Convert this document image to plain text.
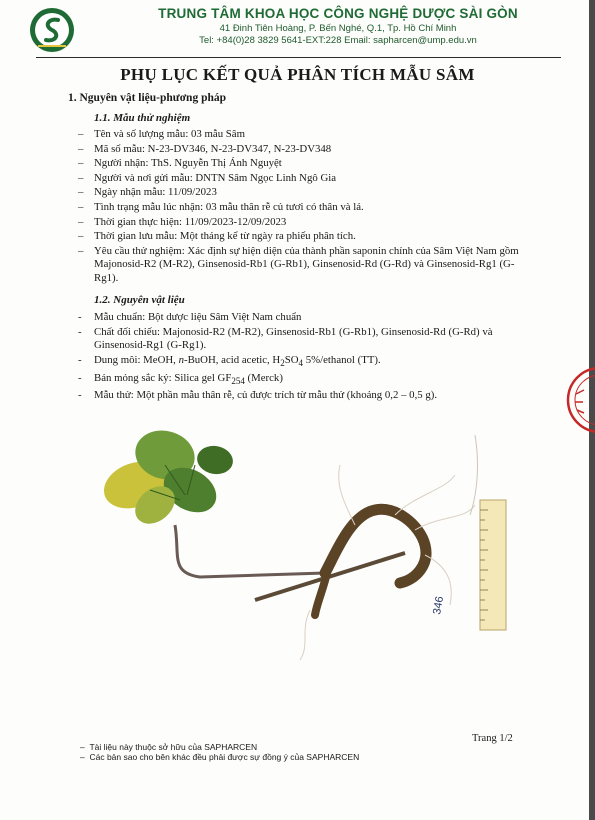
TRUNG TÂM KHOA HỌC CÔNG NGHỆ DƯỢC SÀI GÒN
41 Đinh Tiên Hoàng, P. Bến Nghé, Q.1, Tp. Hồ Chí Minh
Tel: +84(0)28 3829 5641-EXT:228 Email: sapharcen@ump.edu.vn
PHỤ LỤC KẾT QUẢ PHÂN TÍCH MẪU SÂM
1. Nguyên vật liệu-phương pháp
1.1. Mẫu thử nghiệm
– Tên và số lượng mẫu: 03 mẫu Sâm
– Mã số mẫu: N-23-DV346, N-23-DV347, N-23-DV348
– Người nhận: ThS. Nguyễn Thị Ánh Nguyệt
– Người và nơi gửi mẫu: DNTN Sâm Ngọc Linh Ngô Gia
– Ngày nhận mẫu: 11/09/2023
– Tình trạng mẫu lúc nhận: 03 mẫu thân rễ củ tươi có thân và lá.
– Thời gian thực hiện: 11/09/2023-12/09/2023
– Thời gian lưu mẫu: Một tháng kể từ ngày ra phiếu phân tích.
– Yêu cầu thử nghiệm: Xác định sự hiện diện của thành phần saponin chính của Sâm Việt Nam gồm Majonosid-R2 (M-R2), Ginsenosid-Rb1 (G-Rb1), Ginsenosid-Rd (G-Rd) và Ginsenosid-Rg1 (G-Rg1).
1.2. Nguyên vật liệu
- Mẫu chuẩn: Bột dược liệu Sâm Việt Nam chuẩn
- Chất đối chiếu: Majonosid-R2 (M-R2), Ginsenosid-Rb1 (G-Rb1), Ginsenosid-Rd (G-Rd) và Ginsenosid-Rg1 (G-Rg1).
- Dung môi: MeOH, n-BuOH, acid acetic, $H_2SO_4$ 5%/ethanol (TT).
- Bản mỏng sắc ký: Silica gel $GF_{254}$ (Merck)
- Mẫu thử: Một phần mẫu thân rễ, củ được trích từ mẫu thử (khoảng 0,2 – 0,5 g).
346
Trang 1/2
– Tài liệu này thuộc sở hữu của SAPHARCEN
– Các bản sao cho bên khác đều phải được sự đồng ý của SAPHARCEN
